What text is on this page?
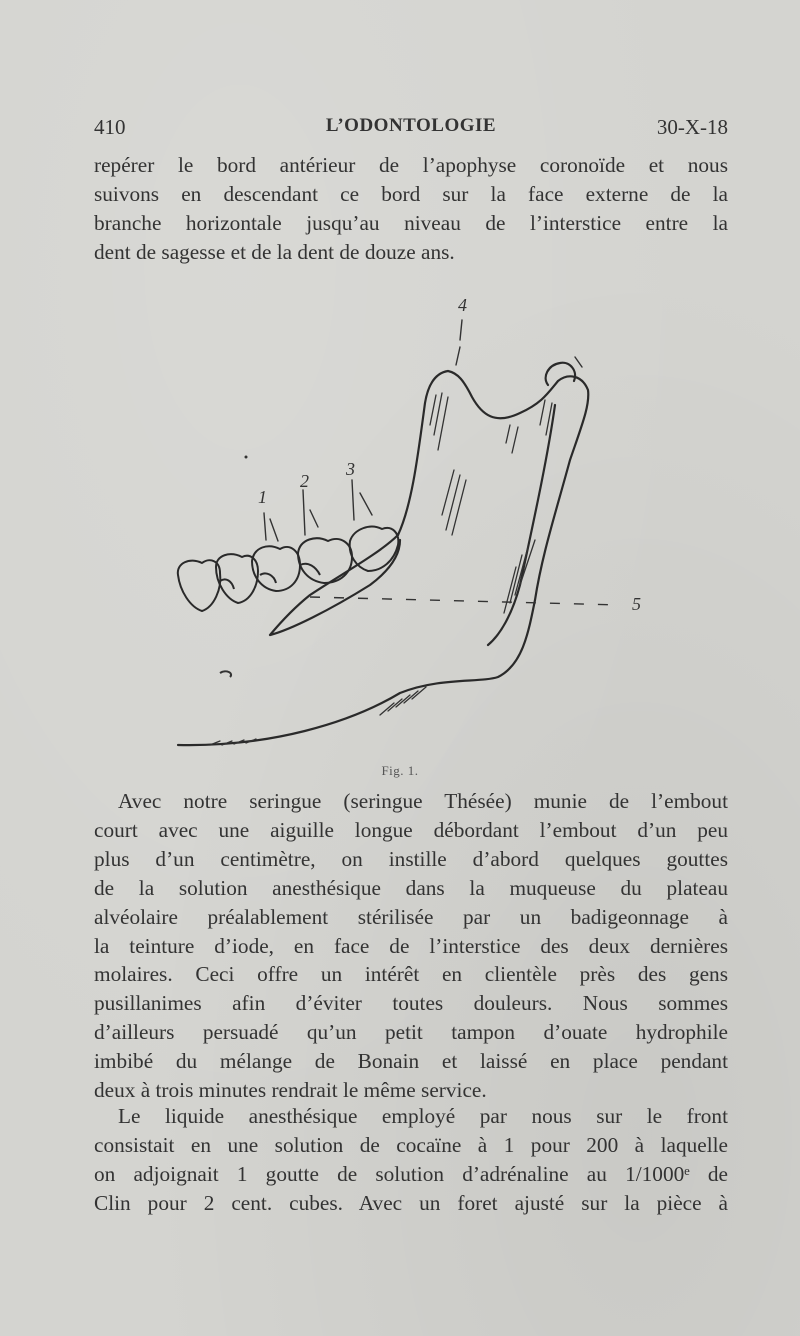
410	L’ODONTOLOGIE	30-X-18
repérer le bord antérieur de l’apophyse coronoïde et nous
suivons en descendant ce bord sur la face externe de la
branche horizontale jusqu’au niveau de l’interstice entre la
dent de sagesse et de la dent de douze ans.
1
2
3
4
5
Fig. 1.
Avec notre seringue (seringue Thésée) munie de l’embout
court avec une aiguille longue débordant l’embout d’un peu
plus d’un centimètre, on instille d’abord quelques gouttes
de la solution anesthésique dans la muqueuse du plateau
alvéolaire préalablement stérilisée par un badigeonnage à
la teinture d’iode, en face de l’interstice des deux dernières
molaires. Ceci offre un intérêt en clientèle près des gens
pusillanimes afin d’éviter toutes douleurs. Nous sommes
d’ailleurs persuadé qu’un petit tampon d’ouate hydrophile
imbibé du mélange de Bonain et laissé en place pendant
deux à trois minutes rendrait le même service.
Le liquide anesthésique employé par nous sur le front
consistait en une solution de cocaïne à 1 pour 200 à laquelle
on adjoignait 1 goutte de solution d’adrénaline au 1/1000ᵉ de
Clin pour 2 cent. cubes. Avec un foret ajusté sur la pièce à
